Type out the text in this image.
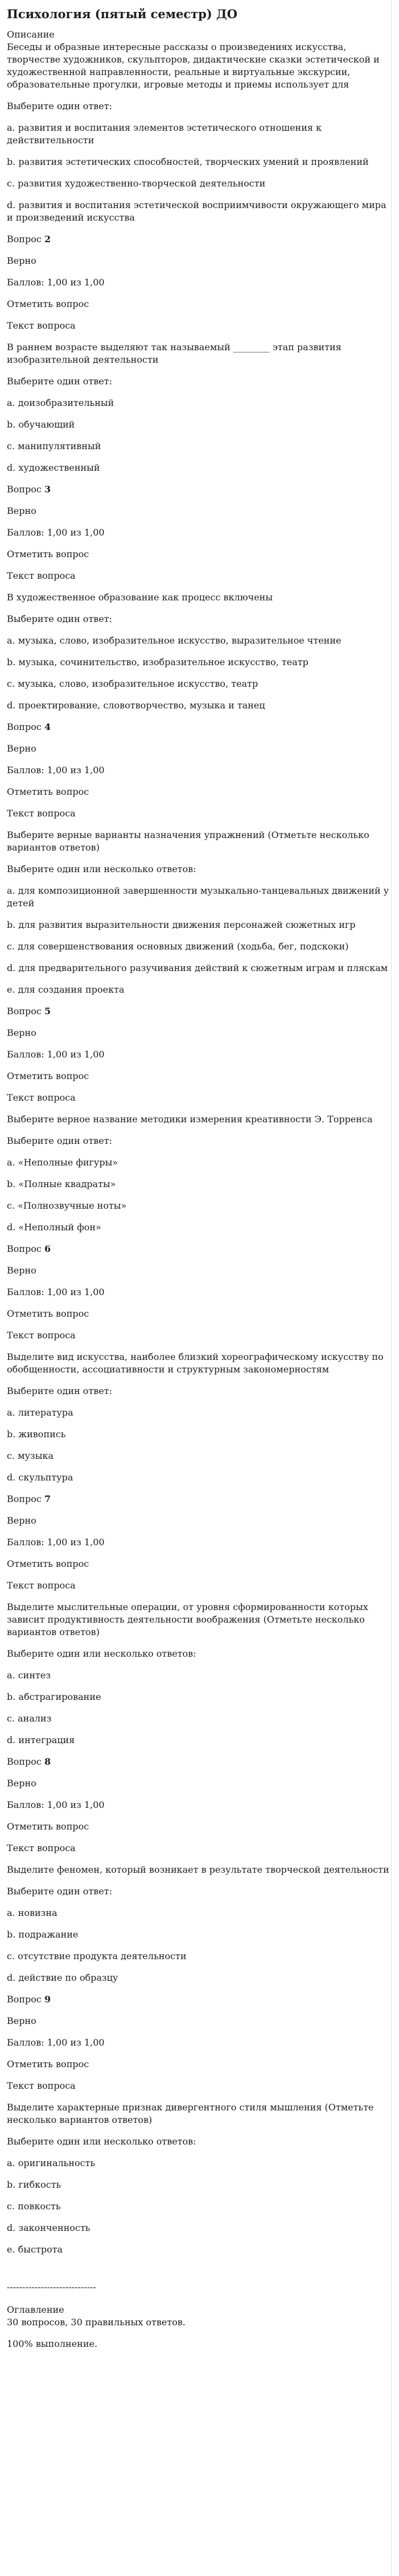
Психология (пятый семестр) ДО

Описание

Беседы и образные интересные рассказы о произведениях искусства, творчестве художников, скульпторов, дидактические сказки эстетической и художественной направленности, реальные и виртуальные экскурсии, образовательные прогулки, игровые методы и приемы использует для

Выберите один ответ:

a. развития и воспитания элементов эстетического отношения к действительности

b. развития эстетических способностей, творческих умений и проявлений

c. развития художественно-творческой деятельности

d. развития и воспитания эстетической восприимчивости окружающего мира и произведений искусства

Вопрос 2

Верно

Баллов: 1,00 из 1,00

Отметить вопрос

Текст вопроса

В раннем возрасте выделяют так называемый ________ этап развития изобразительной деятельности

Выберите один ответ:

a. доизобразительный

b. обучающий

c. манипулятивный

d. художественный

Вопрос 3

Верно

Баллов: 1,00 из 1,00

Отметить вопрос

Текст вопроса

В художественное образование как процесс включены

Выберите один ответ:

a. музыка, слово, изобразительное искусство, выразительное чтение

b. музыка, сочинительство, изобразительное искусство, театр

c. музыка, слово, изобразительное искусство, театр

d. проектирование, словотворчество, музыка и танец

Вопрос 4

Верно

Баллов: 1,00 из 1,00

Отметить вопрос

Текст вопроса

Выберите верные варианты назначения упражнений (Отметьте несколько вариантов ответов)

Выберите один или несколько ответов:

a. для композиционной завершенности музыкально-танцевальных движений у детей

b. для развития выразительности движения персонажей сюжетных игр

c. для совершенствования основных движений (ходьба, бег, подскоки)

d. для предварительного разучивания действий к сюжетным играм и пляскам

e. для создания проекта

Вопрос 5

Верно

Баллов: 1,00 из 1,00

Отметить вопрос

Текст вопроса

Выберите верное название методики измерения креативности Э. Торренса

Выберите один ответ:

a. «Неполные фигуры»

b. «Полные квадраты»

c. «Полнозвучные ноты»

d. «Неполный фон»

Вопрос 6

Верно

Баллов: 1,00 из 1,00

Отметить вопрос

Текст вопроса

Выделите вид искусства, наиболее близкий хореографическому искусству по обобщенности, ассоциативности и структурным закономерностям

Выберите один ответ:

a. литература

b. живопись

c. музыка

d. скульптура

Вопрос 7

Верно

Баллов: 1,00 из 1,00

Отметить вопрос

Текст вопроса

Выделите мыслительные операции, от уровня сформированности которых зависит продуктивность деятельности воображения (Отметьте несколько вариантов ответов)

Выберите один или несколько ответов:

a. синтез

b. абстрагирование

c. анализ

d. интеграция

Вопрос 8

Верно

Баллов: 1,00 из 1,00

Отметить вопрос

Текст вопроса

Выделите феномен, который возникает в результате творческой деятельности

Выберите один ответ:

a. новизна

b. подражание

c. отсутствие продукта деятельности

d. действие по образцу

Вопрос 9

Верно

Баллов: 1,00 из 1,00

Отметить вопрос

Текст вопроса

Выделите характерные признак дивергентного стиля мышления (Отметьте несколько вариантов ответов)

Выберите один или несколько ответов:

a. оригинальность

b. гибкость

c. повкость

d. законченность

e. быстрота

-----------------------------

Оглавление

30 вопросов, 30 правильных ответов.

100% выполнение.
